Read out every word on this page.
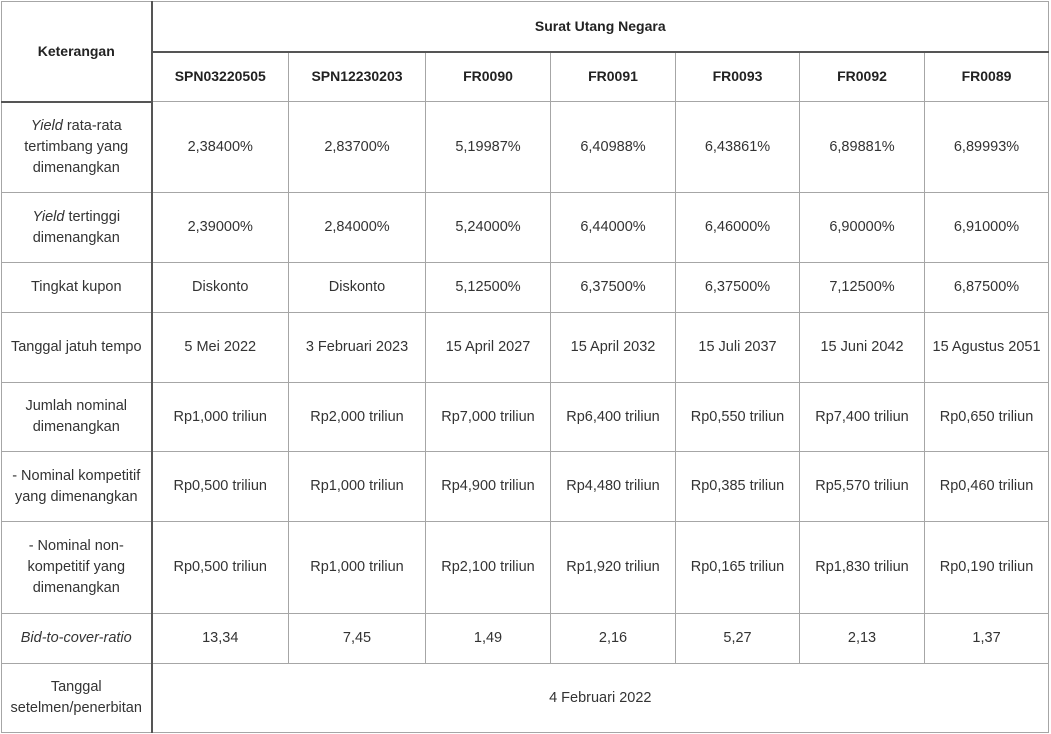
Keterangan	Surat Utang Negara						
	SPN03220505	SPN12230203	FR0090	FR0091	FR0093	FR0092	FR0089
Yield rata-rata tertimbang yang dimenangkan	2,38400%	2,83700%	5,19987%	6,40988%	6,43861%	6,89881%	6,89993%
Yield tertinggi dimenangkan	2,39000%	2,84000%	5,24000%	6,44000%	6,46000%	6,90000%	6,91000%
Tingkat kupon	Diskonto	Diskonto	5,12500%	6,37500%	6,37500%	7,12500%	6,87500%
Tanggal jatuh tempo	5 Mei 2022	3 Februari 2023	15 April 2027	15 April 2032	15 Juli 2037	15 Juni 2042	15 Agustus 2051
Jumlah nominal dimenangkan	Rp1,000 triliun	Rp2,000 triliun	Rp7,000 triliun	Rp6,400 triliun	Rp0,550 triliun	Rp7,400 triliun	Rp0,650 triliun
- Nominal kompetitif yang dimenangkan	Rp0,500 triliun	Rp1,000 triliun	Rp4,900 triliun	Rp4,480 triliun	Rp0,385 triliun	Rp5,570 triliun	Rp0,460 triliun
- Nominal non-kompetitif yang dimenangkan	Rp0,500 triliun	Rp1,000 triliun	Rp2,100 triliun	Rp1,920 triliun	Rp0,165 triliun	Rp1,830 triliun	Rp0,190 triliun
Bid-to-cover-ratio	13,34	7,45	1,49	2,16	5,27	2,13	1,37
Tanggal setelmen/penerbitan	4 Februari 2022						
